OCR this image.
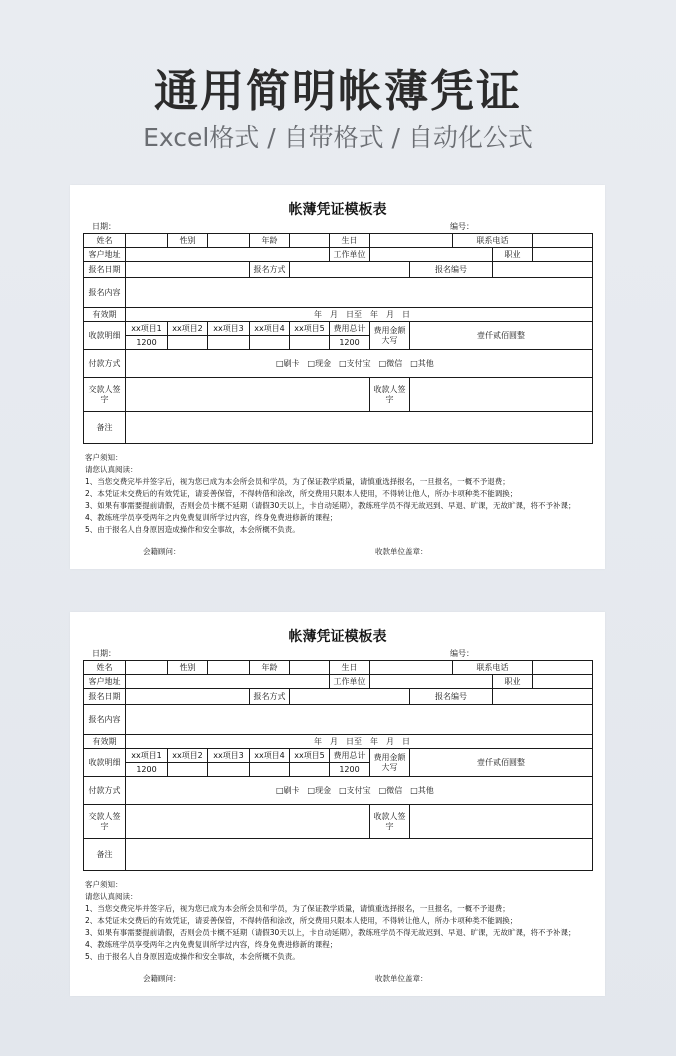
通用简明帐薄凭证
Excel格式 / 自带格式 / 自动化公式
帐薄凭证模板表
日期：	编号：
姓名		性别		年龄		生日			联系电话		
客户地址						工作单位				职业	
报名日期				报名方式				报名编号			
报名内容											
有效期	年　月　日至　年　月　日										
收款明细	xx项目1	xx项目2	xx项目3	xx项目4	xx项目5	费用总计	费用金额大写	壹仟贰佰圆整			
	1200					1200					
付款方式	□刷卡　□现金　□支付宝　□微信　□其他										
交款人签字							收款人签字				
备注											
客户须知：
请您认真阅读：
1、当您交费完毕并签字后，视为您已成为本会所会员和学员，为了保证教学质量，请慎重选择报名，一旦报名，一概不予退费；
2、本凭证未交费后的有效凭证，请妥善保管，不得转借和涂改，所交费用只限本人使用，不得转让他人，所办卡项种类不能调换；
3、如果有事需要提前请假，否则会员卡概不延期（请假30天以上，卡自动延期），教练班学员不得无故迟到、早退、旷课，无故旷课，将不予补课；
4、教练班学员享受两年之内免费复训所学过内容，终身免费进修新的课程；
5、由于报名人自身原因造成操作和安全事故，本会所概不负责。
会籍顾问：	收款单位盖章：
帐薄凭证模板表
日期：	编号：
姓名		性别		年龄		生日			联系电话		
客户地址						工作单位				职业	
报名日期				报名方式				报名编号			
报名内容											
有效期	年　月　日至　年　月　日										
收款明细	xx项目1	xx项目2	xx项目3	xx项目4	xx项目5	费用总计	费用金额大写	壹仟贰佰圆整			
	1200					1200					
付款方式	□刷卡　□现金　□支付宝　□微信　□其他										
交款人签字							收款人签字				
备注											
客户须知：
请您认真阅读：
1、当您交费完毕并签字后，视为您已成为本会所会员和学员，为了保证教学质量，请慎重选择报名，一旦报名，一概不予退费；
2、本凭证未交费后的有效凭证，请妥善保管，不得转借和涂改，所交费用只限本人使用，不得转让他人，所办卡项种类不能调换；
3、如果有事需要提前请假，否则会员卡概不延期（请假30天以上，卡自动延期），教练班学员不得无故迟到、早退、旷课，无故旷课，将不予补课；
4、教练班学员享受两年之内免费复训所学过内容，终身免费进修新的课程；
5、由于报名人自身原因造成操作和安全事故，本会所概不负责。
会籍顾问：	收款单位盖章：
